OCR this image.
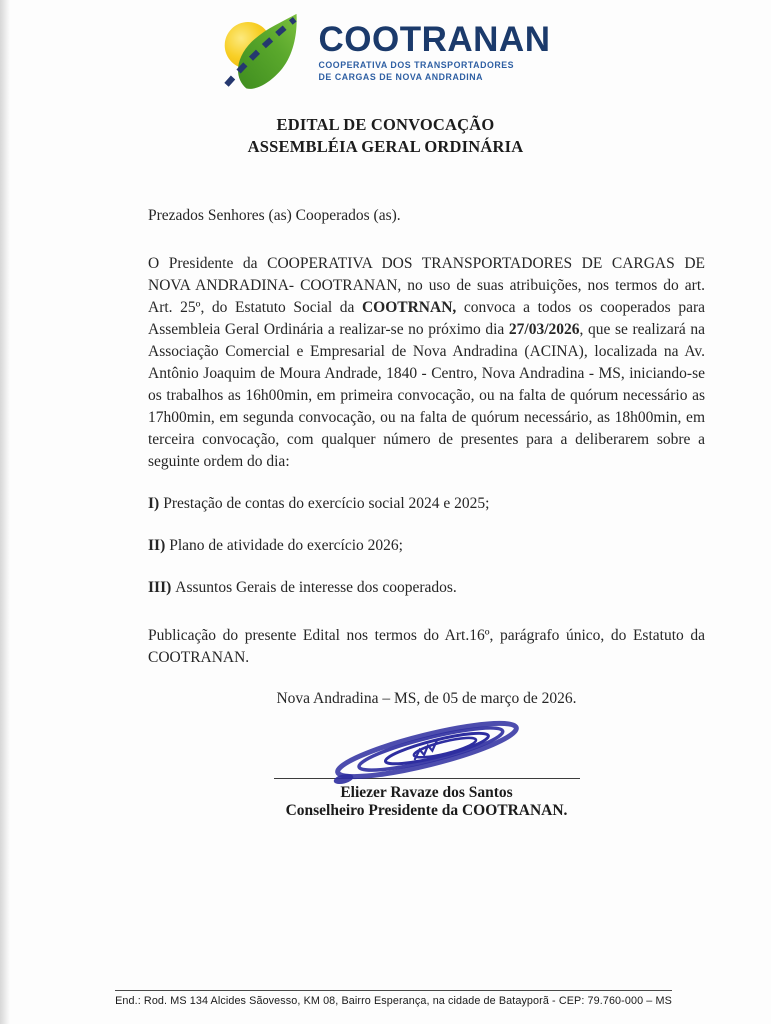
COOTRANAN
COOPERATIVA DOS TRANSPORTADORES
DE CARGAS DE NOVA ANDRADINA
EDITAL DE CONVOCAÇÃO
ASSEMBLÉIA GERAL ORDINÁRIA
Prezados Senhores (as) Cooperados (as).
O Presidente da COOPERATIVA DOS TRANSPORTADORES DE CARGAS DE NOVA ANDRADINA- COOTRANAN, no uso de suas atribuições, nos termos do art. Art. 25º, do Estatuto Social da COOTRNAN, convoca a todos os cooperados para Assembleia Geral Ordinária a realizar-se no próximo dia 27/03/2026, que se realizará na Associação Comercial e Empresarial de Nova Andradina (ACINA), localizada na Av. Antônio Joaquim de Moura Andrade, 1840 - Centro, Nova Andradina - MS, iniciando-se os trabalhos as 16h00min, em primeira convocação, ou na falta de quórum necessário as 17h00min, em segunda convocação, ou na falta de quórum necessário, as 18h00min, em terceira convocação, com qualquer número de presentes para a deliberarem sobre a seguinte ordem do dia:
I) Prestação de contas do exercício social 2024 e 2025;
II) Plano de atividade do exercício 2026;
III) Assuntos Gerais de interesse dos cooperados.
Publicação do presente Edital nos termos do Art.16º, parágrafo único, do Estatuto da COOTRANAN.
Nova Andradina – MS, de 05 de março de 2026.
Eliezer Ravaze dos Santos
Conselheiro Presidente da COOTRANAN.
End.: Rod. MS 134 Alcides Sãovesso, KM 08, Bairro Esperança, na cidade de Batayporã - CEP: 79.760-000 – MS
